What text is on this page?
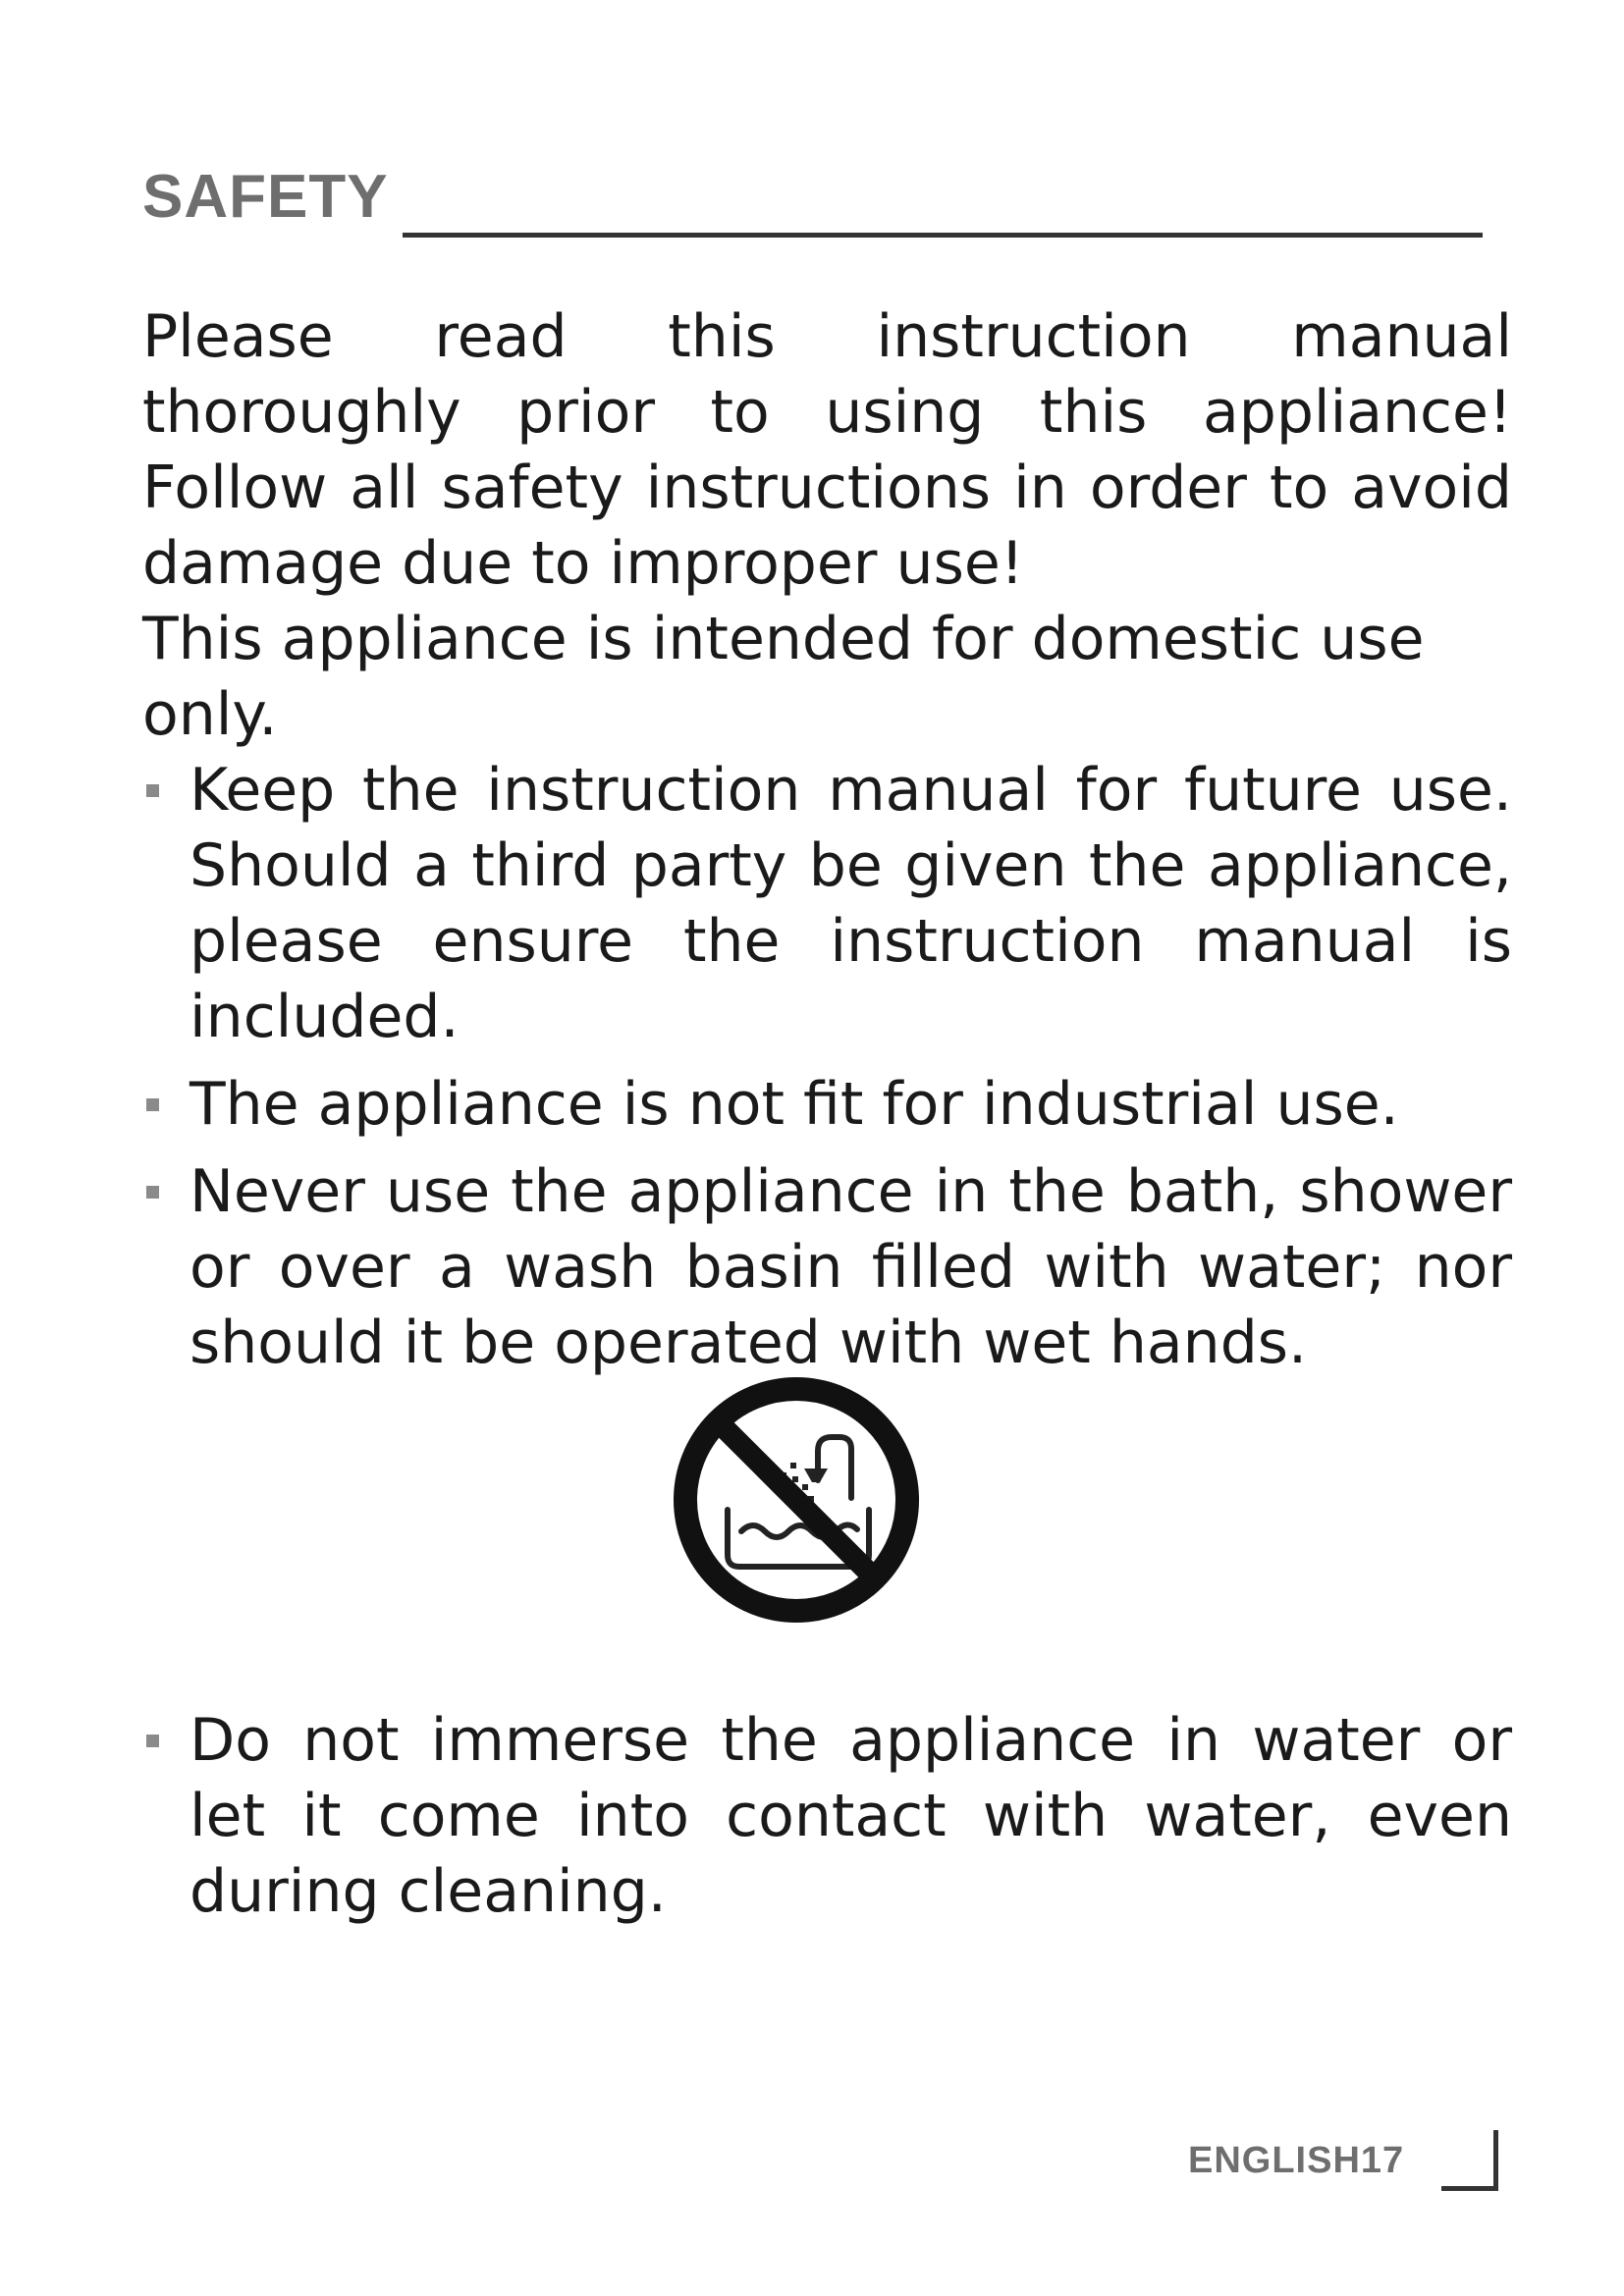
SAFETY

Please read this instruction manual thoroughly prior to using this appliance! Follow all safety instructions in order to avoid damage due to improper use!

This appliance is intended for domestic use only.

Keep the instruction manual for future use. Should a third party be given the appliance, please ensure the instruction manual is included.
The appliance is not fit for industrial use.
Never use the appliance in the bath, shower or over a wash basin filled with water; nor should it be operated with wet hands.
Do not immerse the appliance in water or let it come into contact with water, even during cleaning.
ENGLISH17
